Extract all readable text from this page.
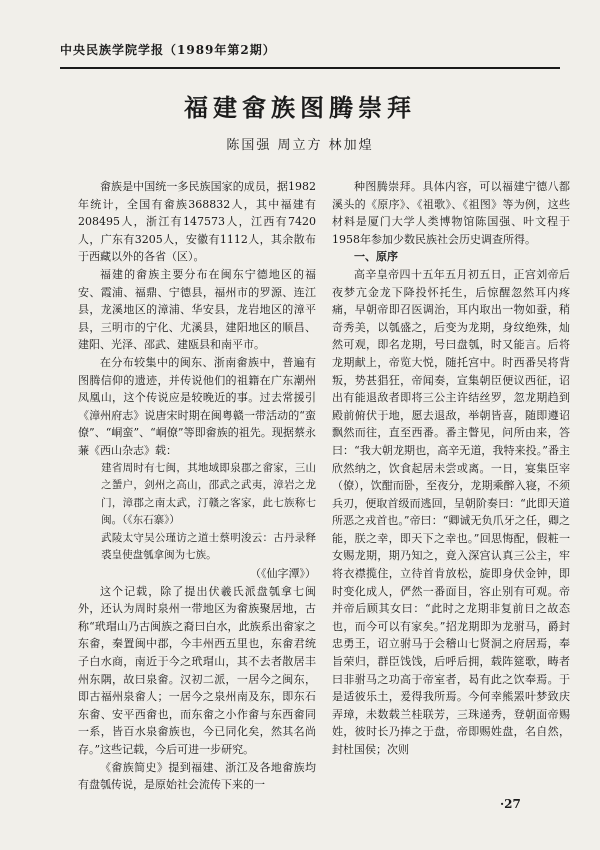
中央民族学院学报（1989年第2期）
福建畲族图腾崇拜
陈国强 周立方 林加煌

畲族是中国统一多民族国家的成员，据1982年统计，全国有畲族368832人，其中福建有208495人，浙江有147573人，江西有7420人，广东有3205人，安徽有1112人，其余散布于西藏以外的各省（区）。

福建的畲族主要分布在闽东宁德地区的福安、霞浦、福鼎、宁德县，福州市的罗源、连江县，龙溪地区的漳浦、华安县，龙岩地区的漳平县，三明市的宁化、尤溪县，建阳地区的顺昌、建阳、光泽、邵武、建瓯县和南平市。

在分布较集中的闽东、浙南畲族中，普遍有图腾信仰的遗迹，并传说他们的祖籍在广东潮州凤凰山，这个传说应是较晚近的事。过去常援引《漳州府志》说唐宋时期在闽粤赣一带活动的“蛮僚”、“峒蛮”、“峒僚”等即畲族的祖先。现据蔡永蒹《西山杂志》载：

建省周时有七闽，其地域即泉郡之畲家，三山之蜑户，剑州之高山，邵武之武夷，漳岩之龙门，漳郡之南太武，汀赣之客家，此七族称七闽。（《东石寨》）

武陵太守吴公瑾访之道士蔡明浚云：古丹录释裘皇使盘瓠拿闽为七族。

（《仙字潭》）

这个记载，除了提出伏羲氏派盘瓠拿七闽外，还认为周时泉州一带地区为畲族聚居地，古称“玳瑁山乃古闽族之裔曰白水，此族系出畲家之东畲，秦置闽中郡，今丰州西五里也，东畲君统子白水商，南近于今之玳瑁山，其不去者散居丰州东隅，故曰泉畲。汉初二派，一居今之闽东，即古福州泉畲人；一居今之泉州南及东，即东石东畲、安平西畲也，而东畲之小作畲与东西畲同一系，皆百水泉畲族也，今已同化矣，然其名尚存。”这些记载，今后可进一步研究。

《畲族简史》提到福建、浙江及各地畲族均有盘瓠传说，是原始社会流传下来的一

种图腾崇拜。具体内容，可以福建宁德八都溪头的《原序》、《祖歌》、《祖图》等为例，这些材料是厦门大学人类博物馆陈国强、叶文程于1958年参加少数民族社会历史调查所得。

一、原序

高辛皇帝四十五年五月初五日，正宫刘帝后夜梦亢金龙下降投怀托生，后惊醒忽然耳内疼痛，早朝帝即召医调治，耳内取出一物如蚕，稍奇秀美，以瓠盛之，后变为龙期，身纹绝殊，灿然可观，即名龙期，号曰盘瓠，时又能言。后将龙期献上，帝览大悦，随托宫中。时西番吴将背叛，势甚猖狂，帝闻奏，宣集朝臣便议西征，诏出有能退敌者即将三公主许结丝罗，忽龙期趋到殿前俯伏于地，愿去退敌，举朝皆喜，随即遵诏飘然而往，直至西番。番主瞥见，问所由来，答曰：“我大朝龙期也，高辛无道，我特来投。”番主欣然纳之，饮食起居未尝或离。一日，宴集臣宰（僚），饮酣而卧，至夜分，龙期乘醉入寝，不须兵刃，便取首级而逃回，呈朝阶奏曰：“此即天道所恶之戎首也。”帝曰：“卿诚无负爪牙之任，卿之能，朕之幸，即天下之幸也。”回思悔配，假粧一女赐龙期，期乃知之，竟入深宫认真三公主，牢将衣襟揽住，立待首肯放松，旋即身伏金钟，即时变化成人，俨然一番面目，容止别有可观。帝并帝后顾其女曰：“此时之龙期非复前日之故态也，而今可以有家矣。”招龙期即为龙驸马，爵封忠勇王，诏立驸马于会稽山七贤洞之府居焉，奉旨荣归，群臣饯饯，后呼后拥，载阵筵歌，畴者曰非驸马之功高于帝室者，曷有此之饮奉焉。于是适彼乐土，爰得我所焉。今何幸熊罴叶梦致庆弄璋，未数载兰桂联芳，三珠递秀，登朝面帝赐姓，彼时长乃捧之于盘，帝即赐姓盘，名自然，封杜国侯；次则

·27
